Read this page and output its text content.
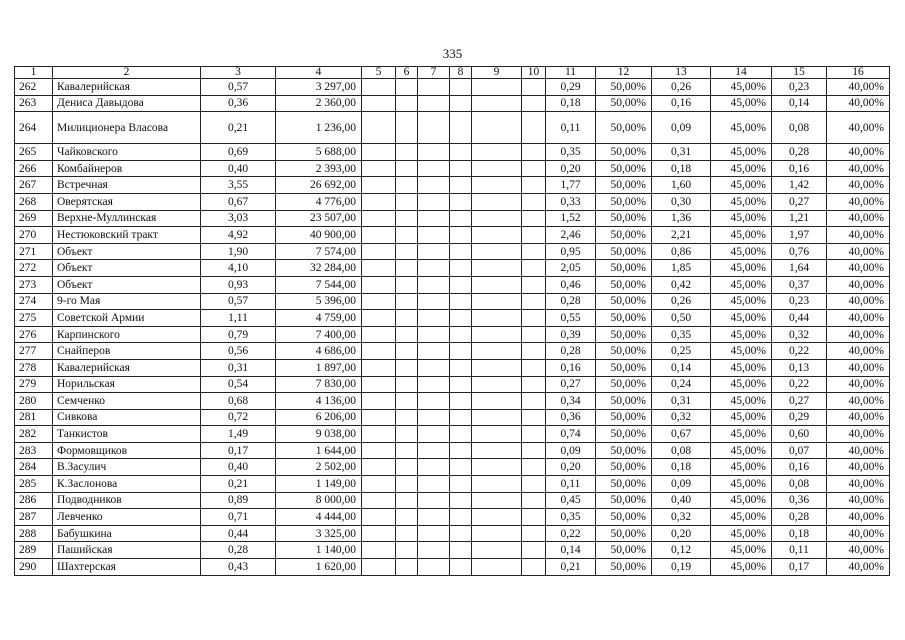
335
1	2	3	4	5	6	7	8	9	10	11	12	13	14	15	16
262	Кавалерийская	0,57	3 297,00							0,29	50,00%	0,26	45,00%	0,23	40,00%
263	Дениса Давыдова	0,36	2 360,00							0,18	50,00%	0,16	45,00%	0,14	40,00%
264	Милиционера Власова	0,21	1 236,00							0,11	50,00%	0,09	45,00%	0,08	40,00%
265	Чайковского	0,69	5 688,00							0,35	50,00%	0,31	45,00%	0,28	40,00%
266	Комбайнеров	0,40	2 393,00							0,20	50,00%	0,18	45,00%	0,16	40,00%
267	Встречная	3,55	26 692,00							1,77	50,00%	1,60	45,00%	1,42	40,00%
268	Оверятская	0,67	4 776,00							0,33	50,00%	0,30	45,00%	0,27	40,00%
269	Верхне-Муллинская	3,03	23 507,00							1,52	50,00%	1,36	45,00%	1,21	40,00%
270	Нестюковский тракт	4,92	40 900,00							2,46	50,00%	2,21	45,00%	1,97	40,00%
271	Объект	1,90	7 574,00							0,95	50,00%	0,86	45,00%	0,76	40,00%
272	Объект	4,10	32 284,00							2,05	50,00%	1,85	45,00%	1,64	40,00%
273	Объект	0,93	7 544,00							0,46	50,00%	0,42	45,00%	0,37	40,00%
274	9-го Мая	0,57	5 396,00							0,28	50,00%	0,26	45,00%	0,23	40,00%
275	Советской Армии	1,11	4 759,00							0,55	50,00%	0,50	45,00%	0,44	40,00%
276	Карпинского	0,79	7 400,00							0,39	50,00%	0,35	45,00%	0,32	40,00%
277	Снайперов	0,56	4 686,00							0,28	50,00%	0,25	45,00%	0,22	40,00%
278	Кавалерийская	0,31	1 897,00							0,16	50,00%	0,14	45,00%	0,13	40,00%
279	Норильская	0,54	7 830,00							0,27	50,00%	0,24	45,00%	0,22	40,00%
280	Семченко	0,68	4 136,00							0,34	50,00%	0,31	45,00%	0,27	40,00%
281	Сивкова	0,72	6 206,00							0,36	50,00%	0,32	45,00%	0,29	40,00%
282	Танкистов	1,49	9 038,00							0,74	50,00%	0,67	45,00%	0,60	40,00%
283	Формовщиков	0,17	1 644,00							0,09	50,00%	0,08	45,00%	0,07	40,00%
284	В.Засулич	0,40	2 502,00							0,20	50,00%	0,18	45,00%	0,16	40,00%
285	К.Заслонова	0,21	1 149,00							0,11	50,00%	0,09	45,00%	0,08	40,00%
286	Подводников	0,89	8 000,00							0,45	50,00%	0,40	45,00%	0,36	40,00%
287	Левченко	0,71	4 444,00							0,35	50,00%	0,32	45,00%	0,28	40,00%
288	Бабушкина	0,44	3 325,00							0,22	50,00%	0,20	45,00%	0,18	40,00%
289	Пашийская	0,28	1 140,00							0,14	50,00%	0,12	45,00%	0,11	40,00%
290	Шахтерская	0,43	1 620,00							0,21	50,00%	0,19	45,00%	0,17	40,00%
